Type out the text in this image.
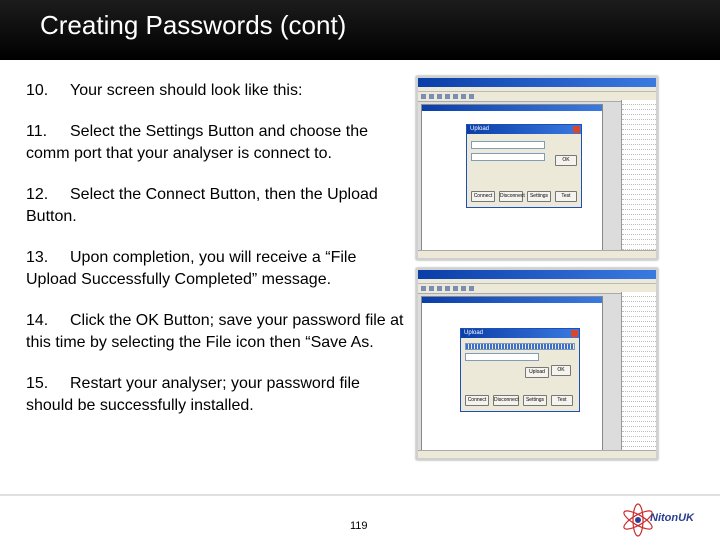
Creating Passwords (cont)

10. Your screen should look like this:

11. Select the Settings Button and choose the comm port that your analyser is connect to.

12. Select the Connect Button, then the Upload Button.

13. Upon completion, you will receive a “File Upload Successfully Completed” message.

14. Click the OK Button; save your password file at this time by selecting the File icon then “Save As.

15. Restart your analyser; your password file should be successfully installed.

Upload
OK
Connect	Disconnect	Settings	Test
Upload
Upload	OK
Connect	Disconnect	Settings	Test
119
NitonUK
